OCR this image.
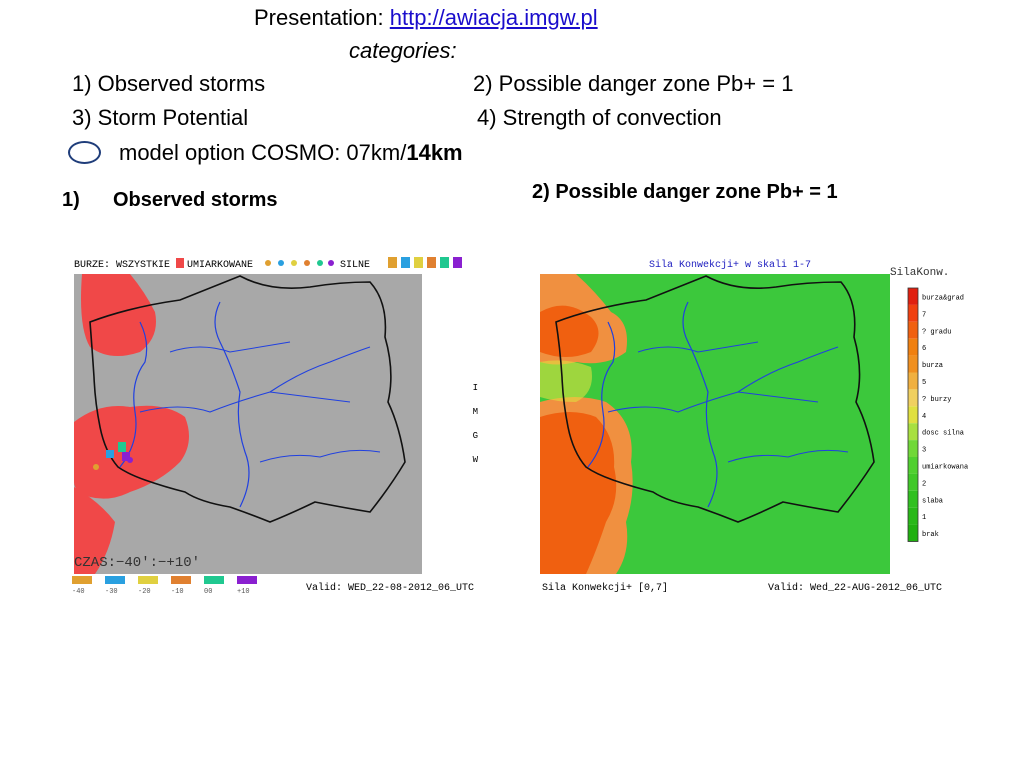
Presentation: http://awiacja.imgw.pl
categories:
1) Observed storms	2) Possible danger zone Pb+ = 1
3) Storm Potential	4) Strength of convection
model option COSMO: 07km/14km
1) Observed storms	2) Possible danger zone Pb+ = 1
BURZE: WSZYSTKIE UMIARKOWANE	SILNE
I
M
G
W
CZAS:−40′:−+10′
-40	-30	-20	-10	00	+10	Valid: WED_22-08-2012_06_UTC
Sila Konwekcji+ w skali 1-7
SilaKonw.
burza&grad
7
? gradu
6
burza
5
? burzy
4
dosc silna
3
umiarkowana
2
slaba
1
brak
Sila Konwekcji+ [0,7]	Valid: Wed_22-AUG-2012_06_UTC
